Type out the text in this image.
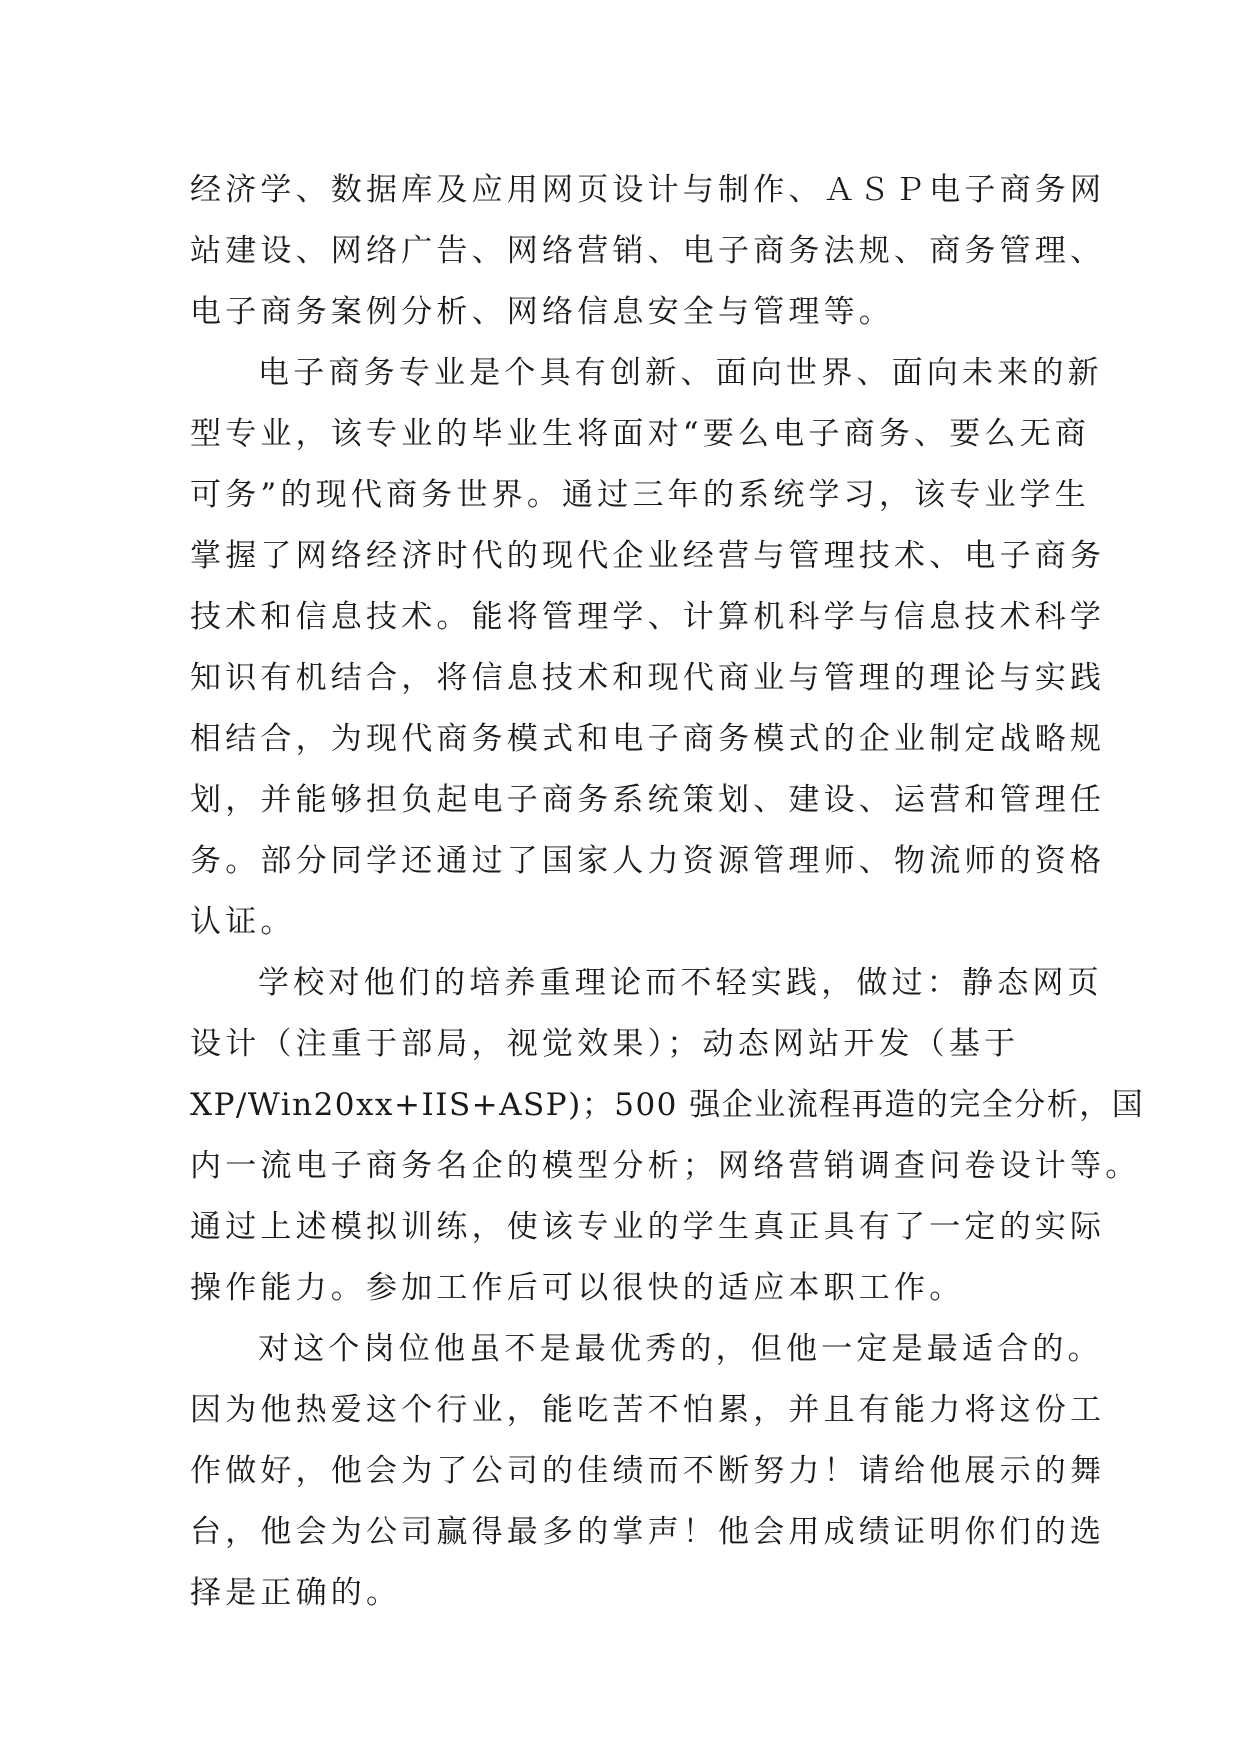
经济学、数据库及应用网页设计与制作、ＡＳＰ电子商务网
站建设、网络广告、网络营销、电子商务法规、商务管理、
电子商务案例分析、网络信息安全与管理等。
电子商务专业是个具有创新、面向世界、面向未来的新
型专业，该专业的毕业生将面对“要么电子商务、要么无商
可务”的现代商务世界。通过三年的系统学习，该专业学生
掌握了网络经济时代的现代企业经营与管理技术、电子商务
技术和信息技术。能将管理学、计算机科学与信息技术科学
知识有机结合，将信息技术和现代商业与管理的理论与实践
相结合，为现代商务模式和电子商务模式的企业制定战略规
划，并能够担负起电子商务系统策划、建设、运营和管理任
务。部分同学还通过了国家人力资源管理师、物流师的资格
认证。
学校对他们的培养重理论而不轻实践，做过：静态网页
设计（注重于部局，视觉效果）；动态网站开发（基于
XP/Win20xx+IIS+ASP)；500 强企业流程再造的完全分析，国
内一流电子商务名企的模型分析；网络营销调查问卷设计等。
通过上述模拟训练，使该专业的学生真正具有了一定的实际
操作能力。参加工作后可以很快的适应本职工作。
对这个岗位他虽不是最优秀的，但他一定是最适合的。
因为他热爱这个行业，能吃苦不怕累，并且有能力将这份工
作做好，他会为了公司的佳绩而不断努力！请给他展示的舞
台，他会为公司赢得最多的掌声！他会用成绩证明你们的选
择是正确的。
